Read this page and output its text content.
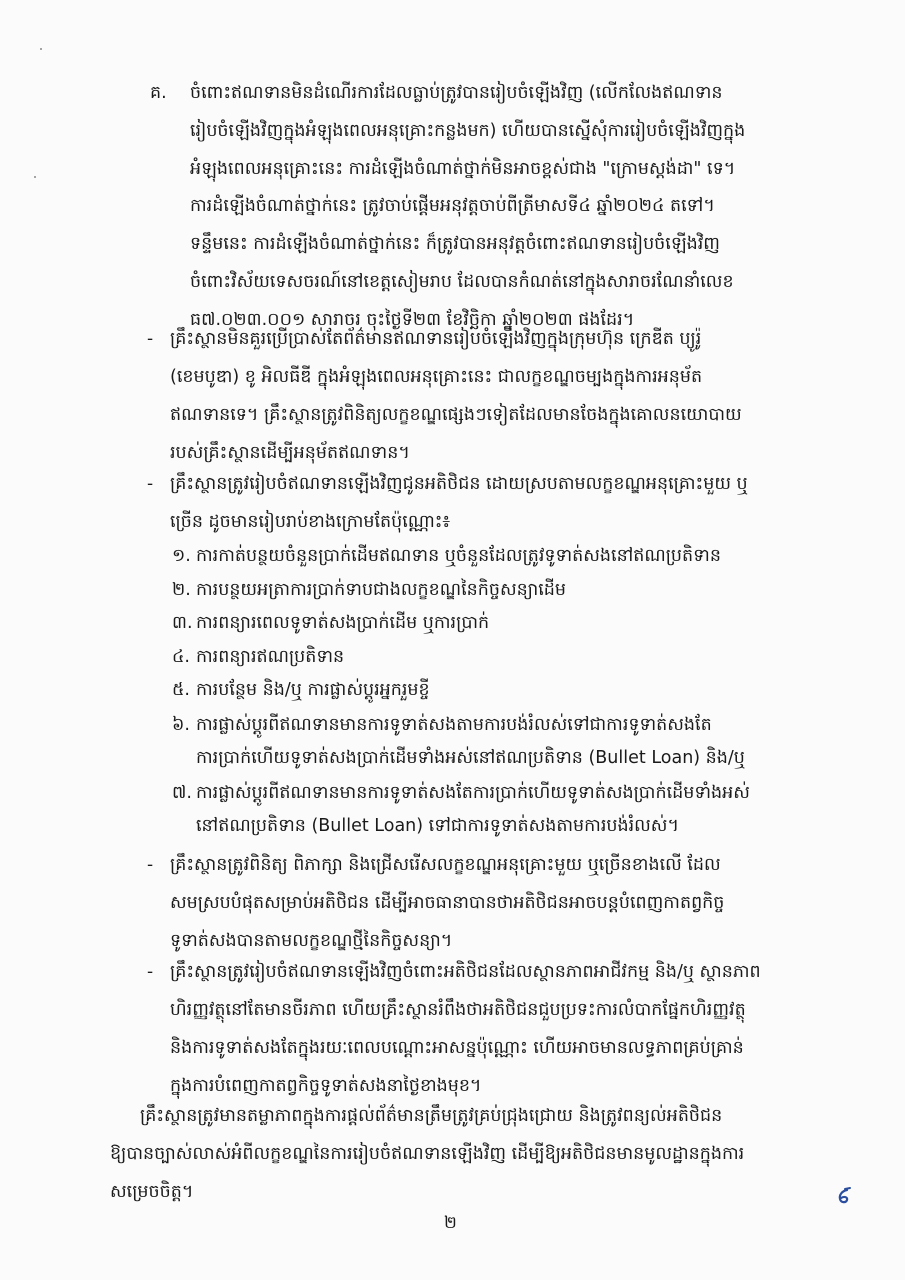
គ. ចំពោះឥណទានមិនដំណើរការដែលធ្លាប់ត្រូវបានរៀបចំឡើងវិញ (លើកលែងឥណទាន
រៀបចំឡើងវិញក្នុងអំឡុងពេលអនុគ្រោះកន្លងមក) ហើយបានស្នើសុំការរៀបចំឡើងវិញក្នុង
អំឡុងពេលអនុគ្រោះនេះ ការដំឡើងចំណាត់ថ្នាក់មិនអាចខ្ពស់ជាង "ក្រោមស្តង់ដា" ទេ។
ការដំឡើងចំណាត់ថ្នាក់នេះ ត្រូវចាប់ផ្តើមអនុវត្តចាប់ពីត្រីមាសទី៤ ឆ្នាំ២០២៤ តទៅ។
ទន្ទឹមនេះ ការដំឡើងចំណាត់ថ្នាក់នេះ ក៏ត្រូវបានអនុវត្តចំពោះឥណទានរៀបចំឡើងវិញ
ចំពោះវិស័យទេសចរណ៍នៅខេត្តសៀមរាប ដែលបានកំណត់នៅក្នុងសារាចរណែនាំលេខ
ធ៧.០២៣.០០១ សារាចរ ចុះថ្ងៃទី២៣ ខែវិច្ឆិកា ឆ្នាំ២០២៣ ផងដែរ។
- គ្រឹះស្ថានមិនគួរប្រើប្រាស់តែព័ត៌មានឥណទានរៀបចំឡើងវិញក្នុងក្រុមហ៊ុន ក្រេឌីត ប្យូរ៉ូ
(ខេមបូឌា) ខូ អិលធីឌី ក្នុងអំឡុងពេលអនុគ្រោះនេះ ជាលក្ខខណ្ឌចម្បងក្នុងការអនុម័ត
ឥណទានទេ។ គ្រឹះស្ថានត្រូវពិនិត្យលក្ខខណ្ឌផ្សេងៗទៀតដែលមានចែងក្នុងគោលនយោបាយ
របស់គ្រឹះស្ថានដើម្បីអនុម័តឥណទាន។
- គ្រឹះស្ថានត្រូវរៀបចំឥណទានឡើងវិញជូនអតិថិជន ដោយស្របតាមលក្ខខណ្ឌអនុគ្រោះមួយ ឬ
ច្រើន ដូចមានរៀបរាប់ខាងក្រោមតែប៉ុណ្ណោះ៖
១. ការកាត់បន្ថយចំនួនប្រាក់ដើមឥណទាន ឬចំនួនដែលត្រូវទូទាត់សងនៅឥណប្រតិទាន
២. ការបន្ថយអត្រាការប្រាក់ទាបជាងលក្ខខណ្ឌនៃកិច្ចសន្យាដើម
៣. ការពន្យារពេលទូទាត់សងប្រាក់ដើម ឬការប្រាក់
៤. ការពន្យារឥណប្រតិទាន
៥. ការបន្ថែម និង/ឬ ការផ្លាស់ប្តូរអ្នករួមខ្ចី
៦. ការផ្លាស់ប្តូរពីឥណទានមានការទូទាត់សងតាមការបង់រំលស់ទៅជាការទូទាត់សងតែ
ការប្រាក់ហើយទូទាត់សងប្រាក់ដើមទាំងអស់នៅឥណប្រតិទាន (Bullet Loan) និង/ឬ
៧. ការផ្លាស់ប្តូរពីឥណទានមានការទូទាត់សងតែការប្រាក់ហើយទូទាត់សងប្រាក់ដើមទាំងអស់
នៅឥណប្រតិទាន (Bullet Loan) ទៅជាការទូទាត់សងតាមការបង់រំលស់។
- គ្រឹះស្ថានត្រូវពិនិត្យ ពិភាក្សា និងជ្រើសរើសលក្ខខណ្ឌអនុគ្រោះមួយ ឬច្រើនខាងលើ ដែល
សមស្របបំផុតសម្រាប់អតិថិជន ដើម្បីអាចធានាបានថាអតិថិជនអាចបន្តបំពេញកាតព្វកិច្ច
ទូទាត់សងបានតាមលក្ខខណ្ឌថ្មីនៃកិច្ចសន្យា។
- គ្រឹះស្ថានត្រូវរៀបចំឥណទានឡើងវិញចំពោះអតិថិជនដែលស្ថានភាពអាជីវកម្ម និង/ឬ ស្ថានភាព
ហិរញ្ញវត្ថុនៅតែមានចីរភាព ហើយគ្រឹះស្ថានរំពឹងថាអតិថិជនជួបប្រទះការលំបាកផ្នែកហិរញ្ញវត្ថុ
និងការទូទាត់សងតែក្នុងរយៈពេលបណ្តោះអាសន្នប៉ុណ្ណោះ ហើយអាចមានលទ្ធភាពគ្រប់គ្រាន់
ក្នុងការបំពេញកាតព្វកិច្ចទូទាត់សងនាថ្ងៃខាងមុខ។
គ្រឹះស្ថានត្រូវមានតម្លាភាពក្នុងការផ្តល់ព័ត៌មានត្រឹមត្រូវគ្រប់ជ្រុងជ្រោយ និងត្រូវពន្យល់អតិថិជន
ឱ្យបានច្បាស់លាស់អំពីលក្ខខណ្ឌនៃការរៀបចំឥណទានឡើងវិញ ដើម្បីឱ្យអតិថិជនមានមូលដ្ឋានក្នុងការ
សម្រេចចិត្ត។
២
